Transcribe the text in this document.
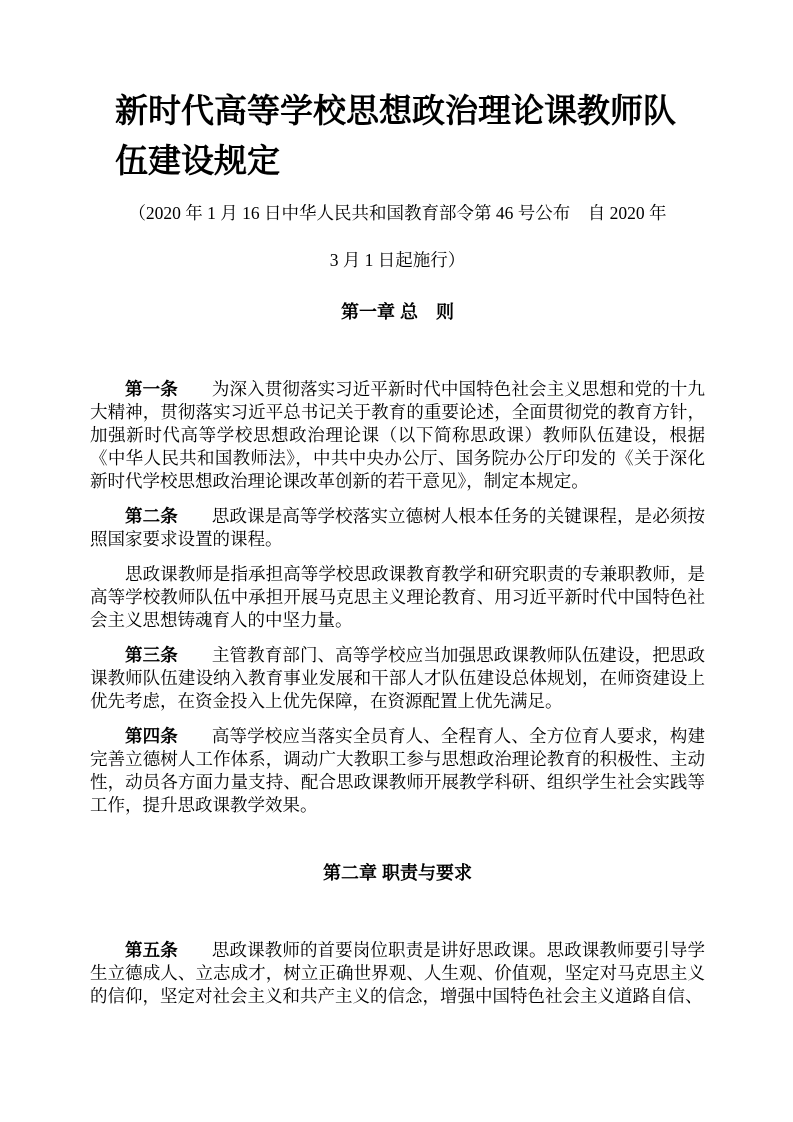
新时代高等学校思想政治理论课教师队伍建设规定
（2020 年 1 月 16 日中华人民共和国教育部令第 46 号公布　自 2020 年
3 月 1 日起施行）
第一章 总　则

第一条 为深入贯彻落实习近平新时代中国特色社会主义思想和党的十九大精神，贯彻落实习近平总书记关于教育的重要论述，全面贯彻党的教育方针，加强新时代高等学校思想政治理论课（以下简称思政课）教师队伍建设，根据《中华人民共和国教师法》，中共中央办公厅、国务院办公厅印发的《关于深化新时代学校思想政治理论课改革创新的若干意见》，制定本规定。

第二条 思政课是高等学校落实立德树人根本任务的关键课程，是必须按照国家要求设置的课程。

思政课教师是指承担高等学校思政课教育教学和研究职责的专兼职教师，是高等学校教师队伍中承担开展马克思主义理论教育、用习近平新时代中国特色社会主义思想铸魂育人的中坚力量。

第三条 主管教育部门、高等学校应当加强思政课教师队伍建设，把思政课教师队伍建设纳入教育事业发展和干部人才队伍建设总体规划，在师资建设上优先考虑，在资金投入上优先保障，在资源配置上优先满足。

第四条 高等学校应当落实全员育人、全程育人、全方位育人要求，构建完善立德树人工作体系，调动广大教职工参与思想政治理论教育的积极性、主动性，动员各方面力量支持、配合思政课教师开展教学科研、组织学生社会实践等工作，提升思政课教学效果。

第二章 职责与要求

第五条 思政课教师的首要岗位职责是讲好思政课。思政课教师要引导学生立德成人、立志成才，树立正确世界观、人生观、价值观，坚定对马克思主义的信仰，坚定对社会主义和共产主义的信念，增强中国特色社会主义道路自信、
